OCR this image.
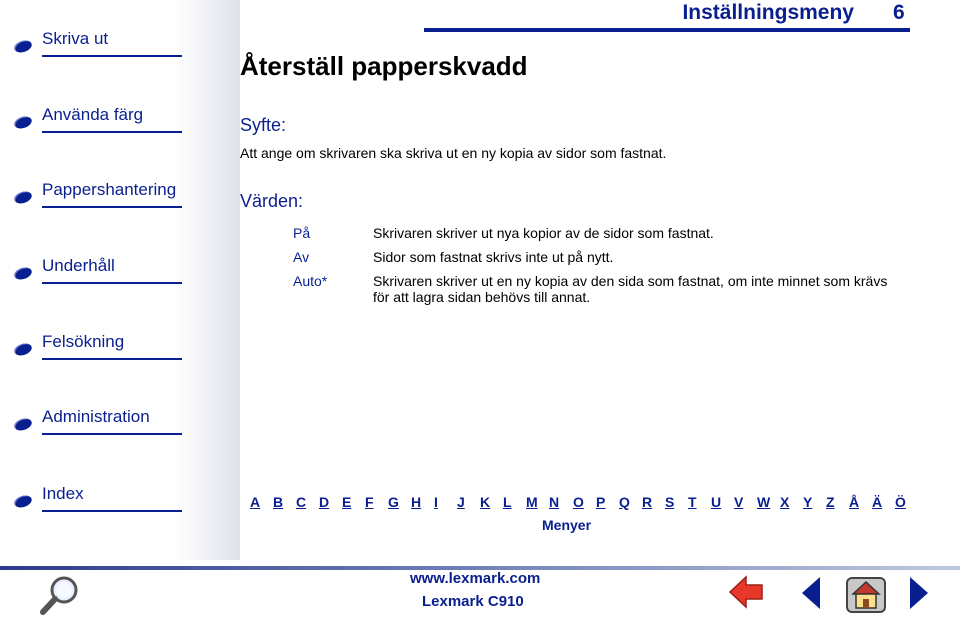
Skriva ut
Använda färg
Pappershantering
Underhåll
Felsökning
Administration
Index
Inställningsmeny 6
Återställ papperskvadd
Syfte:
Att ange om skrivaren ska skriva ut en ny kopia av sidor som fastnat.
Värden:
På	Skrivaren skriver ut nya kopior av de sidor som fastnat.
Av	Sidor som fastnat skrivs inte ut på nytt.
Auto*	Skrivaren skriver ut en ny kopia av den sida som fastnat, om inte minnet som krävs för att lagra sidan behövs till annat.
A B C D E F G H I J K L M N O P Q R S T U V W X Y Z Å Ä Ö
Menyer
www.lexmark.com
Lexmark C910
